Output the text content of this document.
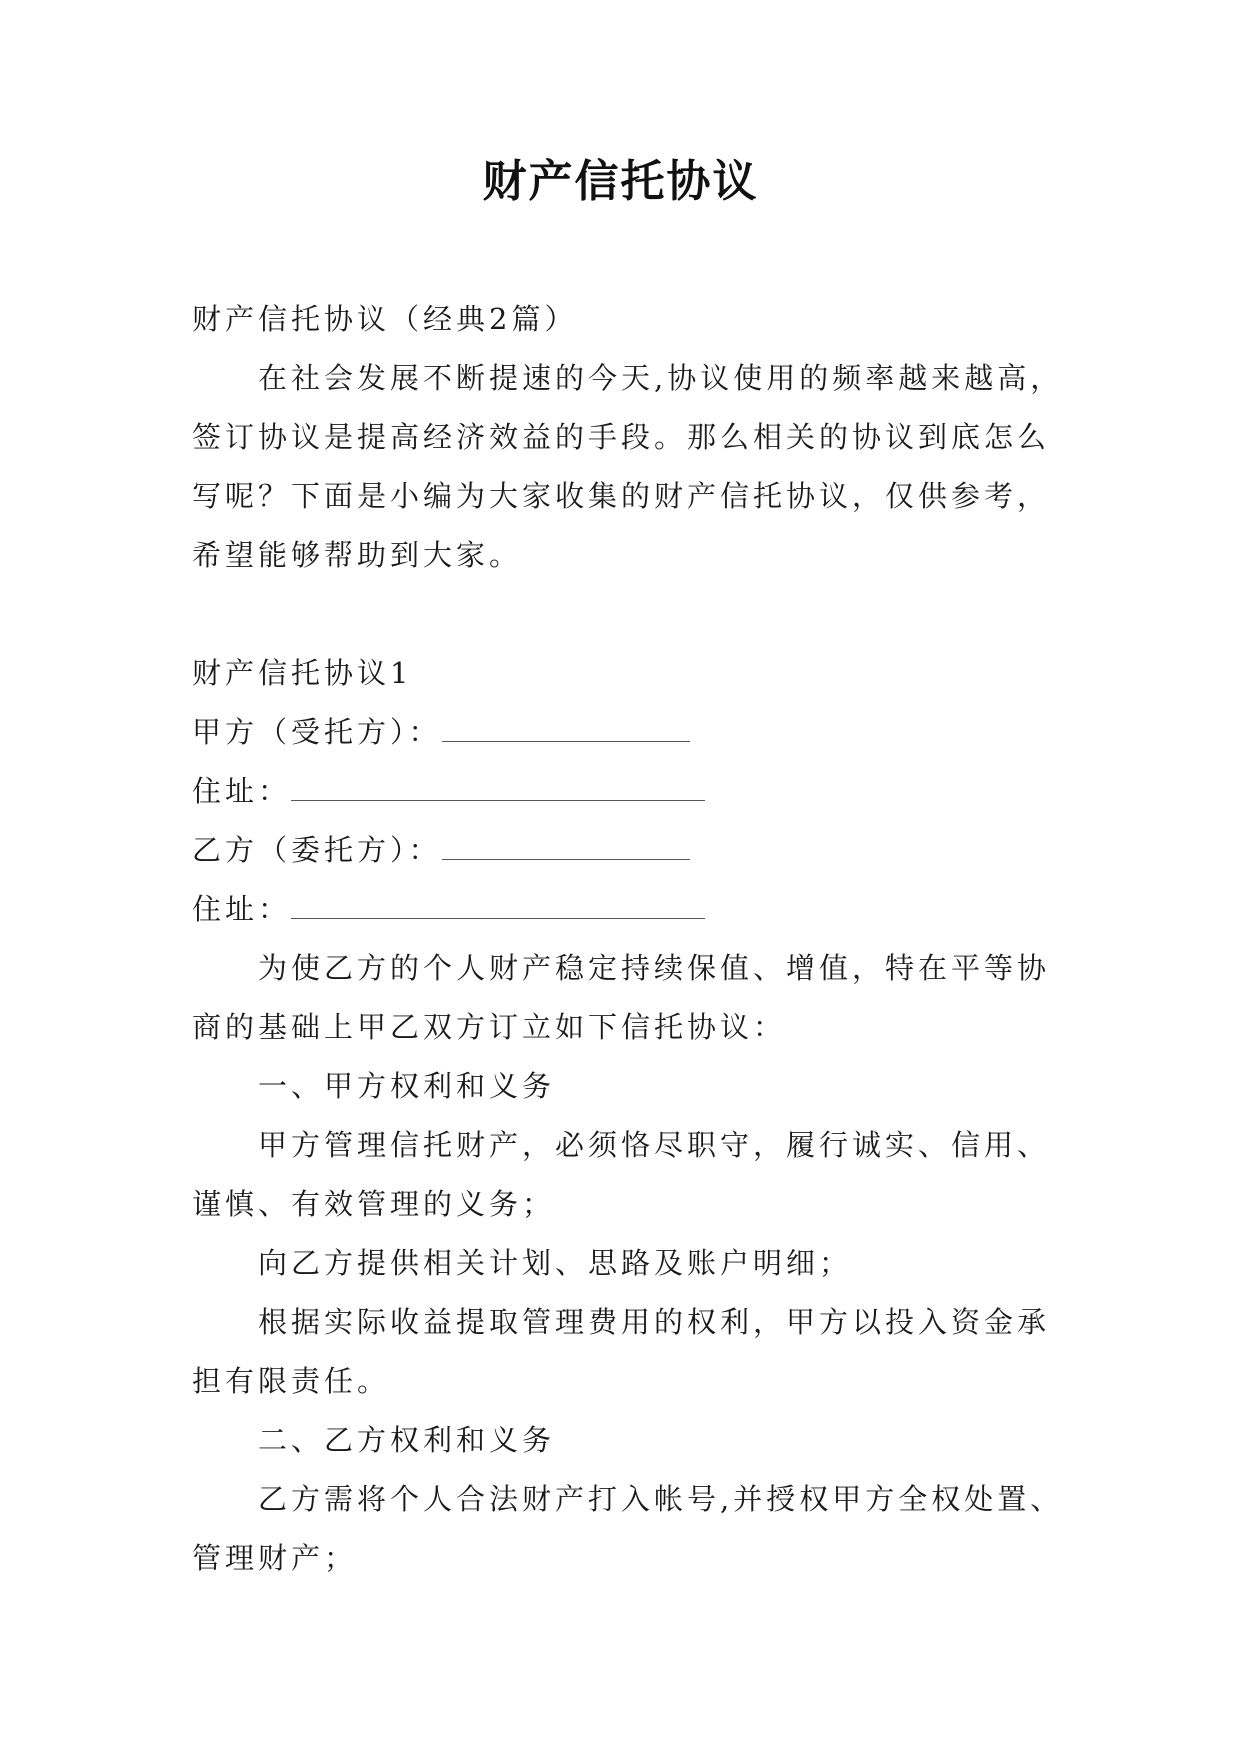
财产信托协议

财产信托协议（经典2篇）

在社会发展不断提速的今天,协议使用的频率越来越高，签订协议是提高经济效益的手段。那么相关的协议到底怎么写呢？下面是小编为大家收集的财产信托协议，仅供参考，希望能够帮助到大家。

财产信托协议1

甲方（受托方）：

住址：

乙方（委托方）：

住址：

为使乙方的个人财产稳定持续保值、增值，特在平等协商的基础上甲乙双方订立如下信托协议：

一、甲方权利和义务

甲方管理信托财产，必须恪尽职守，履行诚实、信用、谨慎、有效管理的义务；

向乙方提供相关计划、思路及账户明细；

根据实际收益提取管理费用的权利，甲方以投入资金承担有限责任。

二、乙方权利和义务

乙方需将个人合法财产打入帐号,并授权甲方全权处置、管理财产；
